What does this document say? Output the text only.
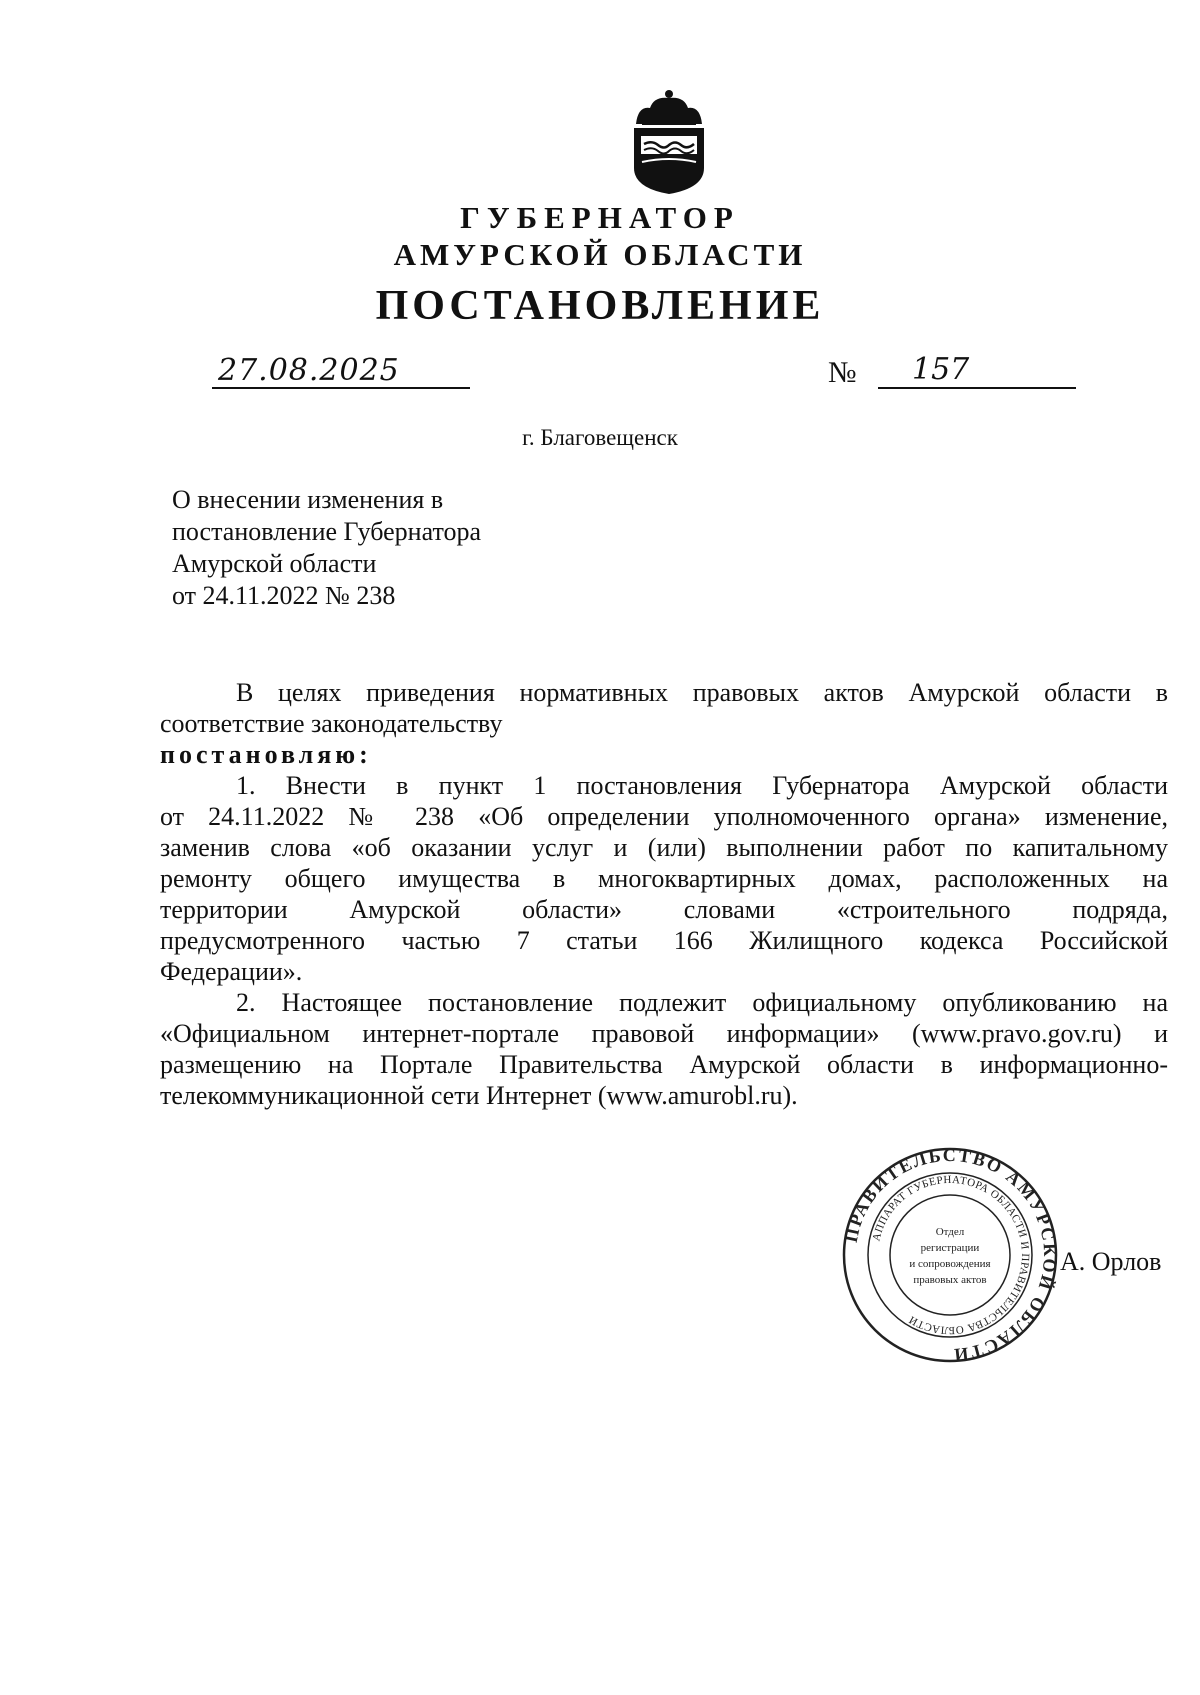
ГУБЕРНАТОР
АМУРСКОЙ ОБЛАСТИ
ПОСТАНОВЛЕНИЕ
27.08.2025	№ 157
г. Благовещенск
О внесении изменения в
постановление Губернатора
Амурской области
от 24.11.2022 № 238
В целях приведения нормативных правовых актов Амурской области в
соответствие законодательству
постановляю:
1. Внести в пункт 1 постановления Губернатора Амурской области
от 24.11.2022 № 238 «Об определении уполномоченного органа» изменение,
заменив слова «об оказании услуг и (или) выполнении работ по капитальному
ремонту общего имущества в многоквартирных домах, расположенных на
территории Амурской области» словами «строительного подряда,
предусмотренного частью 7 статьи 166 Жилищного кодекса Российской
Федерации».
2. Настоящее постановление подлежит официальному опубликованию на
«Официальном интернет-портале правовой информации» (www.pravo.gov.ru) и
размещению на Портале Правительства Амурской области в информационно-
телекоммуникационной сети Интернет (www.amurobl.ru).
А. Орлов
ПРАВИТЕЛЬСТВО АМУРСКОЙ ОБЛАСТИ
АППАРАТ ГУБЕРНАТОРА ОБЛАСТИ И ПРАВИТЕЛЬСТВА ОБЛАСТИ
Отдел
регистрации
и сопровождения
правовых актов
